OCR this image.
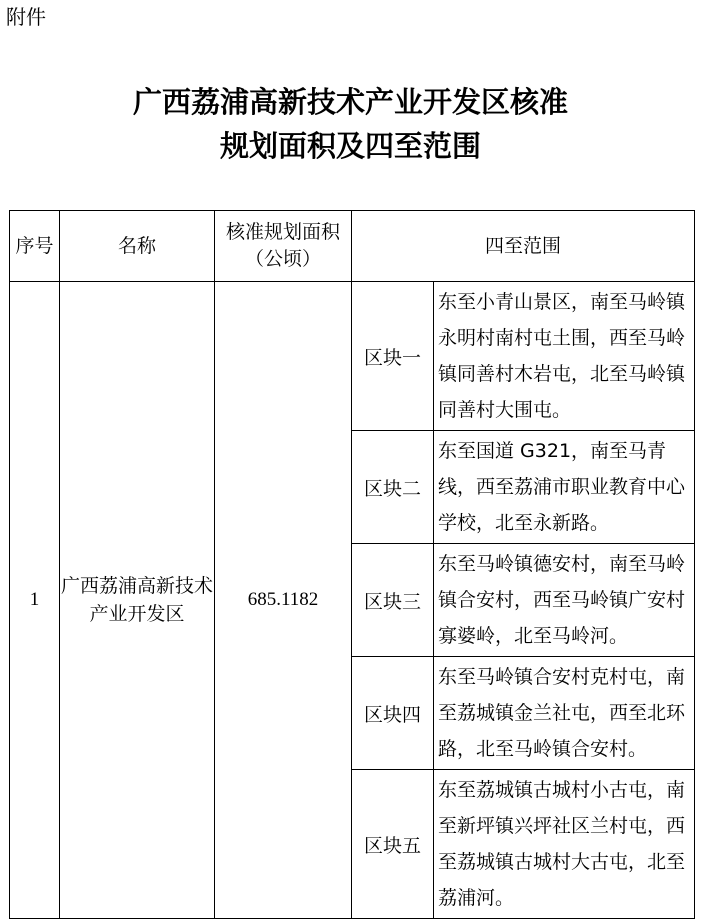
附件
广西荔浦高新技术产业开发区核准
规划面积及四至范围
序号	名称	核准规划面积（公顷）	四至范围	
1	广西荔浦高新技术产业开发区	685.1182	区块一	东至小青山景区，南至马岭镇永明村南村屯土围，西至马岭镇同善村木岩屯，北至马岭镇同善村大围屯。
			区块二	东至国道 G321，南至马青线，西至荔浦市职业教育中心学校，北至永新路。
			区块三	东至马岭镇德安村，南至马岭镇合安村，西至马岭镇广安村寡婆岭，北至马岭河。
			区块四	东至马岭镇合安村克村屯，南至荔城镇金兰社屯，西至北环路，北至马岭镇合安村。
			区块五	东至荔城镇古城村小古屯，南至新坪镇兴坪社区兰村屯，西至荔城镇古城村大古屯，北至荔浦河。
